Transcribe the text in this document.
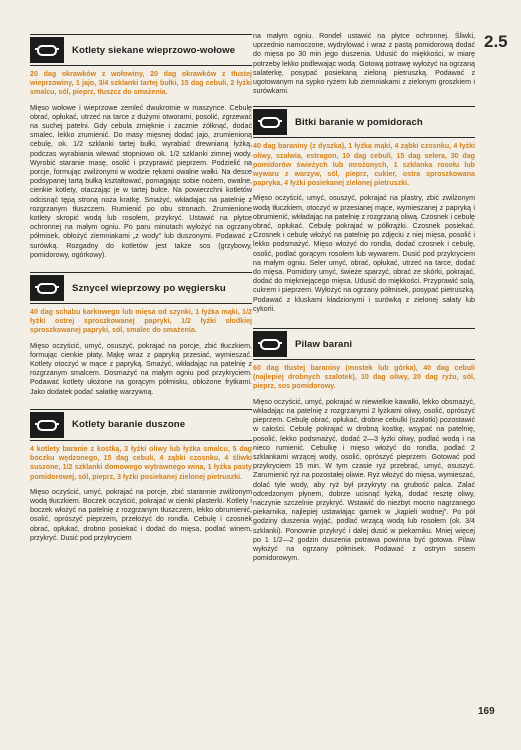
Kotlety siekane wieprzowo-wołowe

20 dag okrawków z wołowiny, 20 dag okrawków z tłustej wieprzowiny, 1 jajo, 3/4 szklanki tartej bułki, 15 dag cebuli, 2 łyżki smalcu, sól, pieprz, tłuszcz do smażenia.

Mięso wołowe i wieprzowe zemleć dwukrotnie w maszynce. Cebulę obrać, opłukać, utrzeć na tarce z dużymi otworami, posolić, zgrzewać na suchej patelni. Gdy cebula zmięknie i zacznie żółknąć, dodać smalec, lekko zrumienić. Do masy mięsnej dodać jajo, zrumienioną cebulę, ok. 1/2 szklanki tartej bułki, wyrabiać drewnianą łyżką, podczas wyrabiania wlewać stopniowo ok. 1/2 szklanki zimnej wody. Wyrobić staranie masę, osolić i przyprawić pieprzem. Podzielić na porcje, formując zwilżonymi w wodzie rękami owalne wałki. Na desce podsypanej tartą bułką kształtować, pomagając sobie nożem, owalne, cienkie kotlety, otaczając je w tartej bułce. Na powierzchni kotletów odcisnąć tępą stroną noża kratkę. Smażyć, wkładając na patelnię z rozgrzanym tłuszczem. Rumienić po obu stronach. Zrumienione kotlety skropić wodą lub rosołem, przykryć. Ustawić na płytce ochronnej na małym ogniu. Po paru minutach wyłożyć na ogrzany półmisek, obłożyć ziemniakami „z wody” lub duszonymi. Podawać z surówką. Rozgadny do kotletów jest także sos (grzybowy, pomidorowy, ogórkowy).

Sznycel wieprzowy po węgiersku

40 dag schabu karkowego lub mięsa od szynki, 1 łyżka mąki, 1/2 łyżki ostrej sproszkowanej papryki, 1/2 łyżki słodkiej sproszkowanej papryki, sól, smalec do smażenia.

Mięso oczyścić, umyć, osuszyć, pokrajać na porcje, zbić tłuczkiem, formując cienkie płaty. Mąkę wraz z papryką przesiać, wymieszać. Kotlety otoczyć w mące z papryką. Smażyć, wkładając na patelnię z rozgrzanym smalcem. Dosmażyć na małym ogniu pod przykryciem. Podawać kotlety ułożone na gorącym półmisku, obłożone frytkami. Jako dodatek podać sałatkę warzywną.

Kotlety baranie duszone

4 kotlety baranie z kostką, 3 łyżki oliwy lub łyżka smalcu, 5 dag boczku wędzonego, 15 dag cebuli, 4 ząbki czosnku, 4 śliwki suszone, 1/2 szklanki domowego wytrawnego wina, 1 łyżka pasty pomidorowej, sól, pieprz, 3 łyżki posiekanej zielonej pietruszki.

Mięso oczyścić, umyć, pokrajać na porcje, zbić starannie zwilżonym wodą tłuczkiem. Boczek oczyścić, pokrajać w cienki plasterki. Kotlety i boczek włożyć na patelnię z rozgrzanym tłuszczem, lekko obrumienić, osolić, oprószyć pieprzem, przełożyć do rondla. Cebulę i czosnek obrać, opłukać, drobno posiekać i dodać do mięsa, podlać winem, przykryć. Dusić pod przykryciem

na małym ogniu. Rondel ustawić na płytce ochronnej. Śliwki, uprzednio namoczone, wydrylować i wraz z pastą pomidorową dodać do mięsa po 30 min jego duszenia. Udusić do miękkości, w miarę potrzeby lekko podlewając wodą. Gotową potrawę wyłożyć na ogrzaną salaterkę, posypać posiekaną zieloną pietruszką. Podawać z ugotowanym na sypko ryżem lub ziemniakami z zielonym groszkiem i surówkami.

Bitki baranie w pomidorach

40 dag baraniny (z dyszka), 1 łyżka mąki, 4 ząbki czosnku, 4 łyżki oliwy, szałwia, estragon, 10 dag cebuli, 15 dag selera, 30 dag pomidorów świeżych lub mrożonych, 1 szklanka rosołu lub wywaru z warzyw, sól, pieprz, cukier, ostra sproszkowana papryka, 4 łyżki posiekanej zielonej pietruszki.

Mięso oczyścić, umyć, osuszyć, pokrajać na plastry, zbić zwilżonym wodą tłuczkiem, otoczyć w przesianej mące, wymieszanej z papryką i obrumienić, wkładając na patelnię z rozgrzaną oliwą. Czosnek i cebulę obrać, opłukać. Cebulę pokrajać w półkrążki. Czosnek posiekać. Czosnek i cebulę włożyć na patelnię po zdjęciu z niej mięsa, posolić i lekko podsmażyć. Mięso włożyć do rondla, dodać czosnek i cebulę, osolić, podlać gorącym rosołem lub wywarem. Dusić pod przykryciem na małym ogniu. Seler umyć, obrać, opłukać, utrzeć na tarce, dodać do mięsa. Pomidory umyć, świeże sparzyć, obrać ze skórki, pokrajać, dodać do miękniejącego mięsa. Udusić do miękkości. Przyprawić solą, cukrem i pieprzem. Wyłożyć na ogrzany półmisek, posypać pietruszką. Podawać z kluskami kładzionymi i surówką z zielonej sałaty lub cykorii.

Pilaw barani

60 dag tłustej baraniny (mostek lub górka), 40 dag cebuli (najlepiej drobnych szalotek), 10 dag oliwy, 20 dag ryżu, sól, pieprz, sos pomidorowy.

Mięso oczyścić, umyć, pokrajać w niewielkie kawałki, lekko obsmażyć, wkładając na patelnię z rozgrzanymi 2 łyżkami oliwy, osolić, oprószyć pieprzem. Cebulę obrać, opłukać, drobne cebulki (szalotki) pozostawić w całości. Cebulę pokrajać w drobną kostkę, wsypać na patelnię, posolić, lekko podsmażyć, dodać 2—3 łyżki oliwy, podlać wodą i na nieco rumienić. Cebulkę i mięso włożyć do rondla, podlać 2 szklankami wrzącej wody, osolić, oprószyć pieprzem. Gotować pod przykryciem 15 min. W tym czasie ryż przebrać, umyć, osuszyć. Zarumienić ryż na pozostałej oliwie. Ryż włożyć do mięsa, wymieszać, dolać tyle wody, aby ryż był przykryty na grubość palca. Zalać odcedzonym płynem, dobrze ucisnąć łyżką, dodać resztę oliwy, naczynie szczelnie przykryć. Wstawić do niezbyt mocno nagrzanego piekarnika, najlepiej ustawiając garnek w „kąpieli wodnej”. Po pół godziny duszenia wyjąć, podlać wrzącą wodą lub rosołem (ok. 3/4 szklanki). Ponownie przykryć i dalej dusić w piekarniku. Mniej więcej po 1 1/2—2 godzin duszenia potrawa powinna być gotowa. Pilaw wyłożyć na ogrzany półmisek. Podawać z ostrym sosem pomidorowym.

2.5
169
